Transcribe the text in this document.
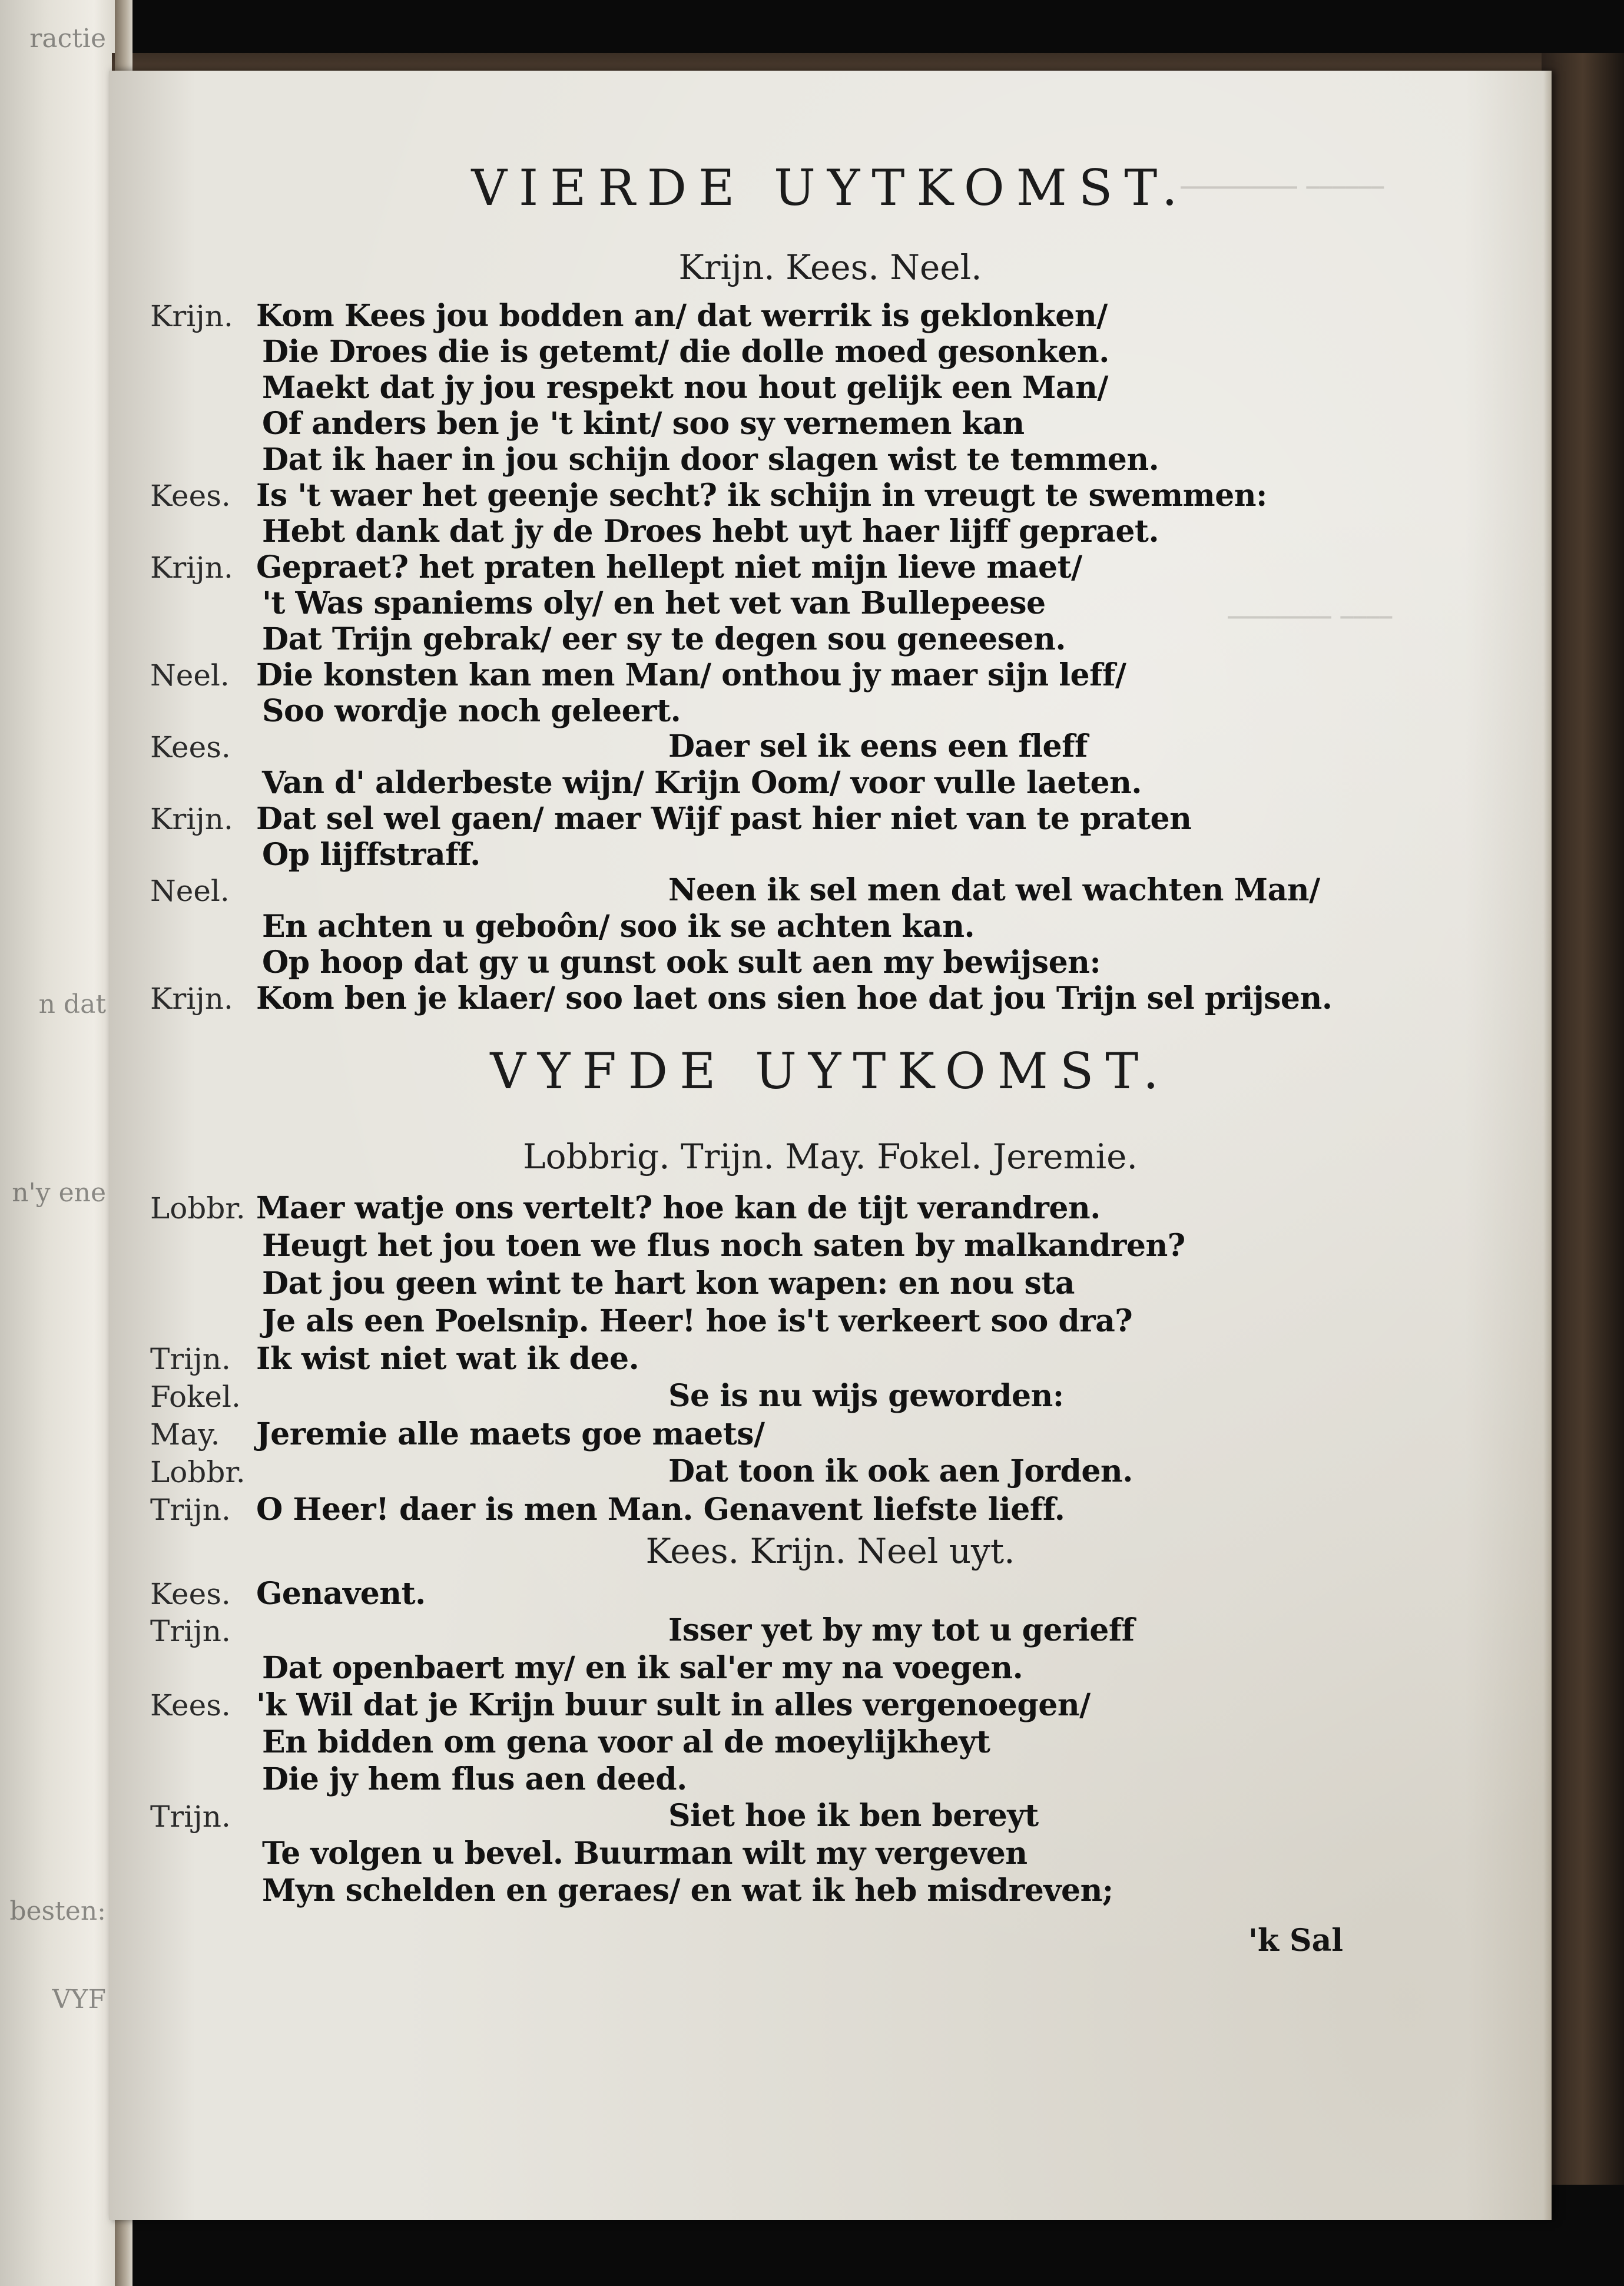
ractie
n dat
n'y ene
besten:
VYF
_________ ______
________ ____
VIERDE UYTKOMST.
Krijn. Kees. Neel.
Krijn. Kom Kees jou bodden an/ dat werrik is geklonken/
Die Droes die is getemt/ die dolle moed gesonken.
Maekt dat jy jou respekt nou hout gelijk een Man/
Of anders ben je 't kint/ soo sy vernemen kan
Dat ik haer in jou schijn door slagen wist te temmen.
Kees. Is 't waer het geenje secht? ik schijn in vreugt te swemmen:
Hebt dank dat jy de Droes hebt uyt haer lijff gepraet.
Krijn. Gepraet? het praten hellept niet mijn lieve maet/
't Was spaniems oly/ en het vet van Bullepeese
Dat Trijn gebrak/ eer sy te degen sou geneesen.
Neel. Die konsten kan men Man/ onthou jy maer sijn leff/
Soo wordje noch geleert.
Kees.	Daer sel ik eens een fleff
Van d' alderbeste wijn/ Krijn Oom/ voor vulle laeten.
Krijn. Dat sel wel gaen/ maer Wijf past hier niet van te praten
Op lijffstraff.
Neel.	Neen ik sel men dat wel wachten Man/
En achten u geboôn/ soo ik se achten kan.
Op hoop dat gy u gunst ook sult aen my bewijsen:
Krijn. Kom ben je klaer/ soo laet ons sien hoe dat jou Trijn sel prijsen.
VYFDE UYTKOMST.
Lobbrig. Trijn. May. Fokel. Jeremie.
Lobbr. Maer watje ons vertelt? hoe kan de tijt verandren.
Heugt het jou toen we flus noch saten by malkandren?
Dat jou geen wint te hart kon wapen: en nou sta
Je als een Poelsnip. Heer! hoe is't verkeert soo dra?
Trijn. Ik wist niet wat ik dee.
Fokel.	Se is nu wijs geworden:
May. Jeremie alle maets goe maets/
Lobbr.	Dat toon ik ook aen Jorden.
Trijn. O Heer! daer is men Man. Genavent liefste lieff.
Kees. Krijn. Neel uyt.
Kees. Genavent.
Trijn.	Isser yet by my tot u gerieff
Dat openbaert my/ en ik sal'er my na voegen.
Kees. 'k Wil dat je Krijn buur sult in alles vergenoegen/
En bidden om gena voor al de moeylijkheyt
Die jy hem flus aen deed.
Trijn.	Siet hoe ik ben bereyt
Te volgen u bevel. Buurman wilt my vergeven
Myn schelden en geraes/ en wat ik heb misdreven;
'k Sal
